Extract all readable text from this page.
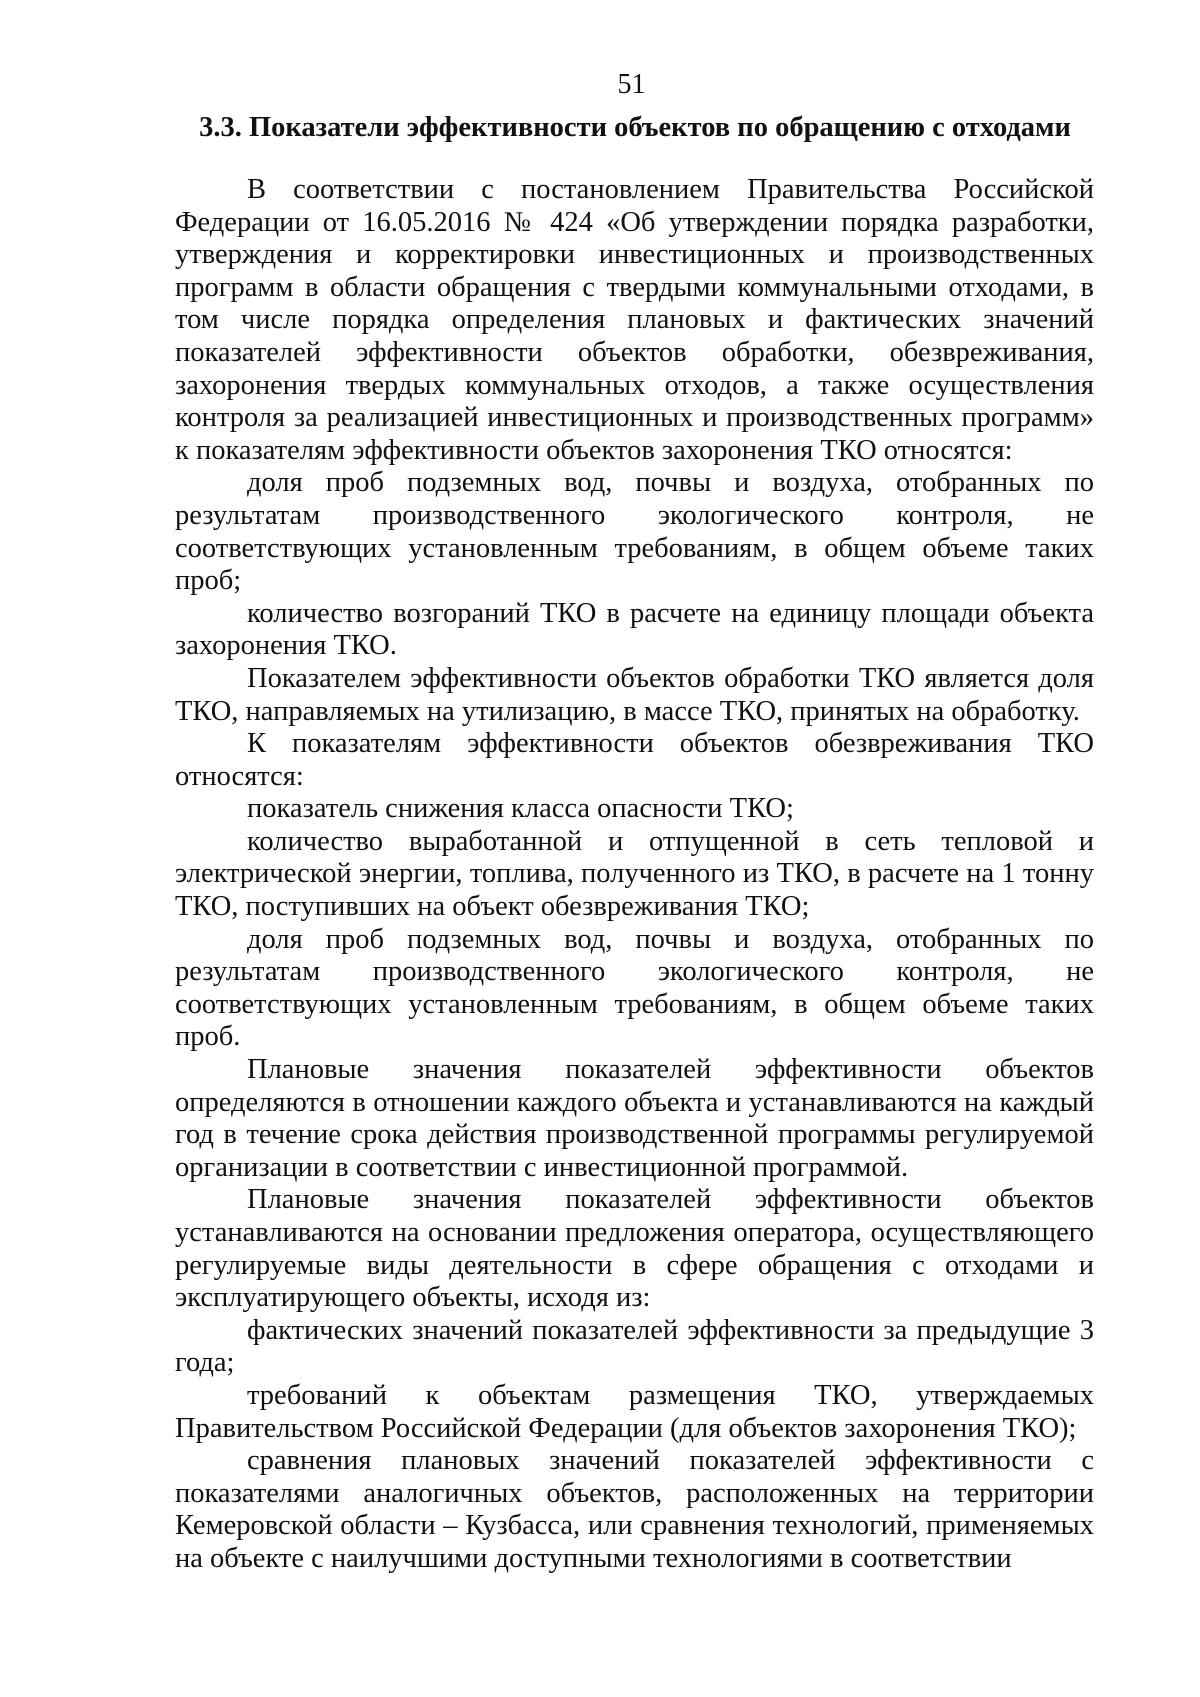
51
3.3. Показатели эффективности объектов по обращению с отходами

В соответствии с постановлением Правительства Российской Федерации от 16.05.2016 № 424 «Об утверждении порядка разработки, утверждения и корректировки инвестиционных и производственных программ в области обращения с твердыми коммунальными отходами, в том числе порядка определения плановых и фактических значений показателей эффективности объектов обработки, обезвреживания, захоронения твердых коммунальных отходов, а также осуществления контроля за реализацией инвестиционных и производственных программ» к показателям эффективности объектов захоронения ТКО относятся:

доля проб подземных вод, почвы и воздуха, отобранных по результатам производственного экологического контроля, не соответствующих установленным требованиям, в общем объеме таких проб;

количество возгораний ТКО в расчете на единицу площади объекта захоронения ТКО.

Показателем эффективности объектов обработки ТКО является доля ТКО, направляемых на утилизацию, в массе ТКО, принятых на обработку.

К показателям эффективности объектов обезвреживания ТКО относятся:

показатель снижения класса опасности ТКО;

количество выработанной и отпущенной в сеть тепловой и электрической энергии, топлива, полученного из ТКО, в расчете на 1 тонну ТКО, поступивших на объект обезвреживания ТКО;

доля проб подземных вод, почвы и воздуха, отобранных по результатам производственного экологического контроля, не соответствующих установленным требованиям, в общем объеме таких проб.

Плановые значения показателей эффективности объектов определяются в отношении каждого объекта и устанавливаются на каждый год в течение срока действия производственной программы регулируемой организации в соответствии с инвестиционной программой.

Плановые значения показателей эффективности объектов устанавливаются на основании предложения оператора, осуществляющего регулируемые виды деятельности в сфере обращения с отходами и эксплуатирующего объекты, исходя из:

фактических значений показателей эффективности за предыдущие 3 года;

требований к объектам размещения ТКО, утверждаемых Правительством Российской Федерации (для объектов захоронения ТКО);

сравнения плановых значений показателей эффективности с показателями аналогичных объектов, расположенных на территории Кемеровской области – Кузбасса, или сравнения технологий, применяемых на объекте с наилучшими доступными технологиями в соответствии
